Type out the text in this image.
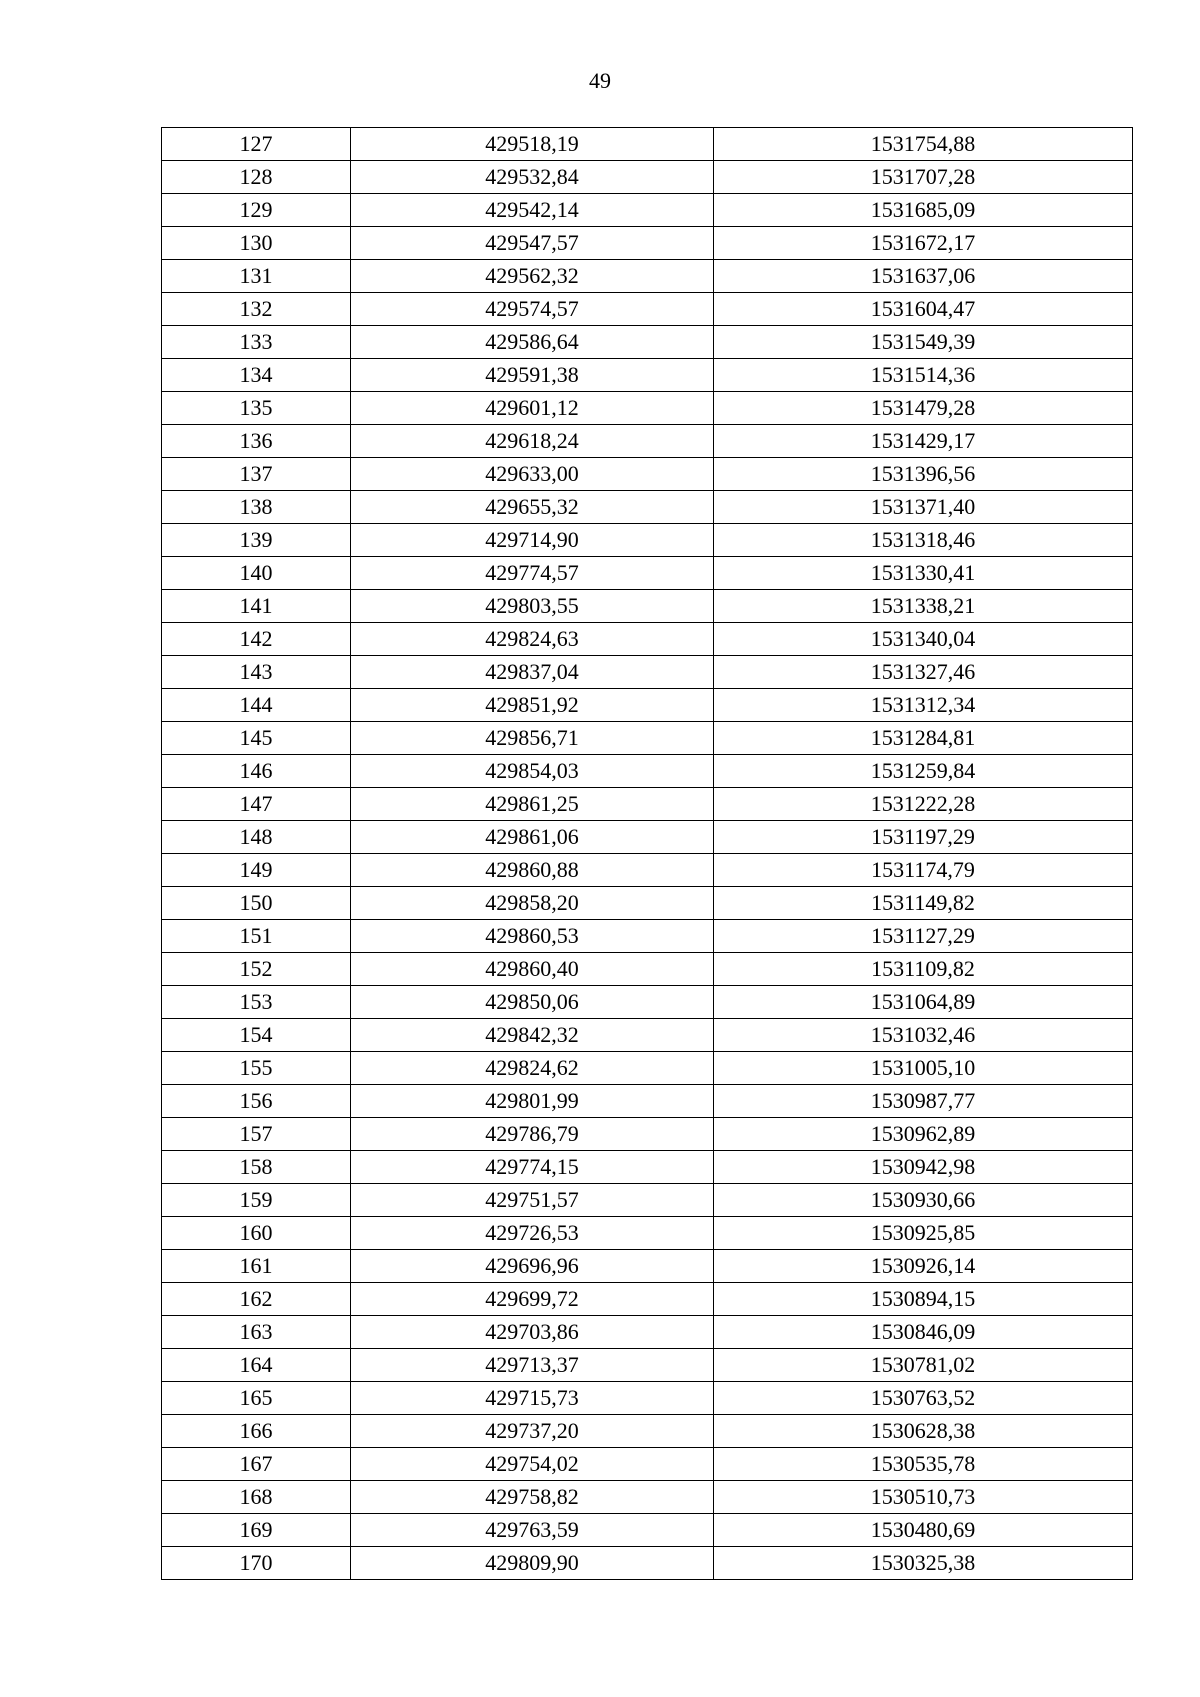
49
127	429518,19	1531754,88
128	429532,84	1531707,28
129	429542,14	1531685,09
130	429547,57	1531672,17
131	429562,32	1531637,06
132	429574,57	1531604,47
133	429586,64	1531549,39
134	429591,38	1531514,36
135	429601,12	1531479,28
136	429618,24	1531429,17
137	429633,00	1531396,56
138	429655,32	1531371,40
139	429714,90	1531318,46
140	429774,57	1531330,41
141	429803,55	1531338,21
142	429824,63	1531340,04
143	429837,04	1531327,46
144	429851,92	1531312,34
145	429856,71	1531284,81
146	429854,03	1531259,84
147	429861,25	1531222,28
148	429861,06	1531197,29
149	429860,88	1531174,79
150	429858,20	1531149,82
151	429860,53	1531127,29
152	429860,40	1531109,82
153	429850,06	1531064,89
154	429842,32	1531032,46
155	429824,62	1531005,10
156	429801,99	1530987,77
157	429786,79	1530962,89
158	429774,15	1530942,98
159	429751,57	1530930,66
160	429726,53	1530925,85
161	429696,96	1530926,14
162	429699,72	1530894,15
163	429703,86	1530846,09
164	429713,37	1530781,02
165	429715,73	1530763,52
166	429737,20	1530628,38
167	429754,02	1530535,78
168	429758,82	1530510,73
169	429763,59	1530480,69
170	429809,90	1530325,38
